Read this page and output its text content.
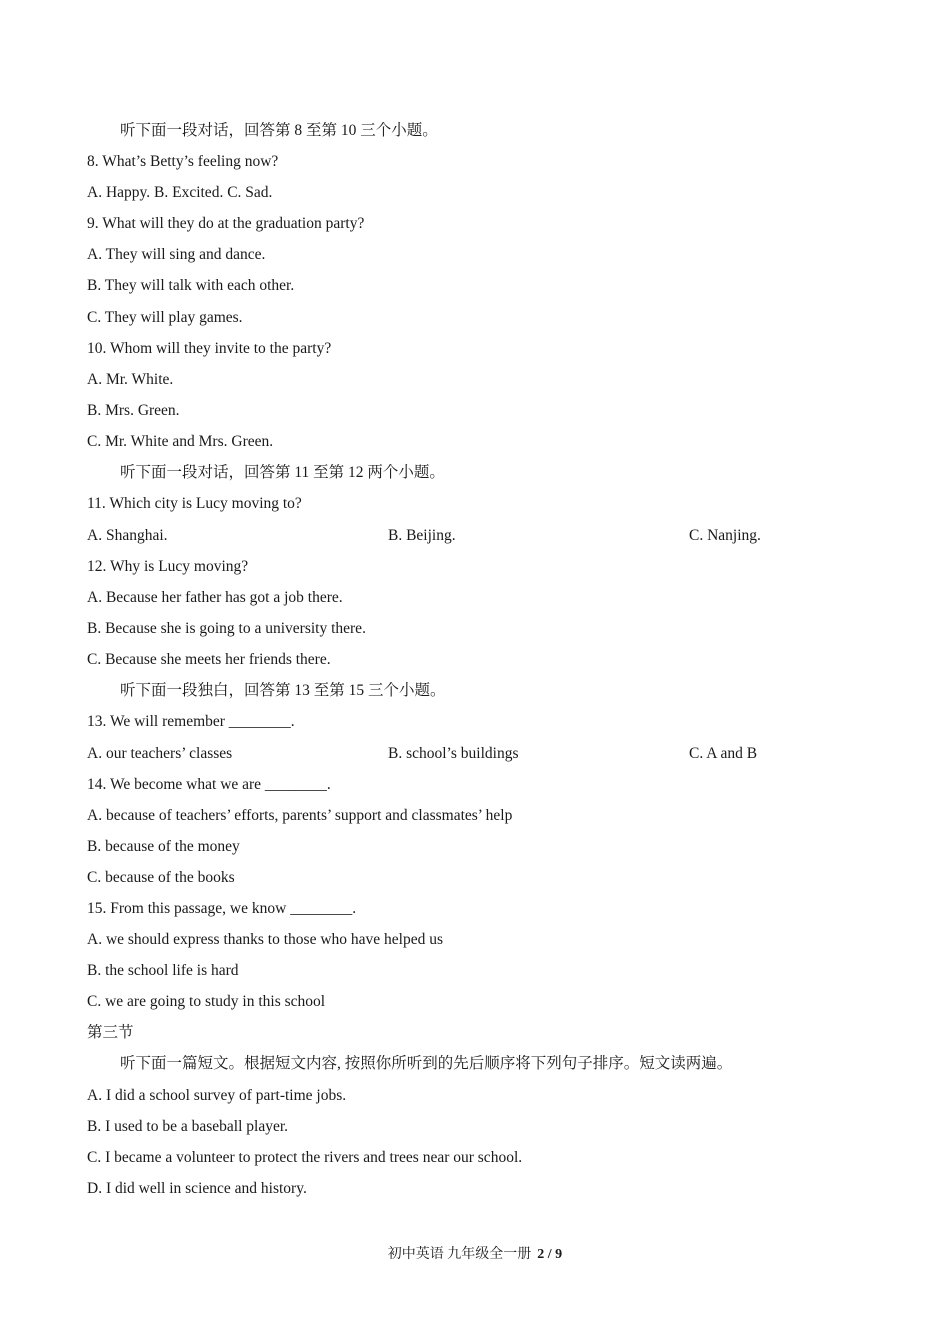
听下面一段对话，回答第 8 至第 10 三个小题。
8. What’s Betty’s feeling now?
A. Happy. B. Excited. C. Sad.
9. What will they do at the graduation party?
A. They will sing and dance.
B. They will talk with each other.
C. They will play games.
10. Whom will they invite to the party?
A. Mr. White.
B. Mrs. Green.
C. Mr. White and Mrs. Green.
听下面一段对话，回答第 11 至第 12 两个小题。
11. Which city is Lucy moving to?
A. Shanghai.	B. Beijing.	C. Nanjing.
12. Why is Lucy moving?
A. Because her father has got a job there.
B. Because she is going to a university there.
C. Because she meets her friends there.
听下面一段独白，回答第 13 至第 15 三个小题。
13. We will remember ________.
A. our teachers’ classes	B. school’s buildings	C. A and B
14. We become what we are ________.
A. because of teachers’ efforts, parents’ support and classmates’ help
B. because of the money
C. because of the books
15. From this passage, we know ________.
A. we should express thanks to those who have helped us
B. the school life is hard
C. we are going to study in this school
第三节
听下面一篇短文。根据短文内容, 按照你所听到的先后顺序将下列句子排序。短文读两遍。
A. I did a school survey of part-time jobs.
B. I used to be a baseball player.
C. I became a volunteer to protect the rivers and trees near our school.
D. I did well in science and history.
初中英语 九年级全一册 2 / 9
